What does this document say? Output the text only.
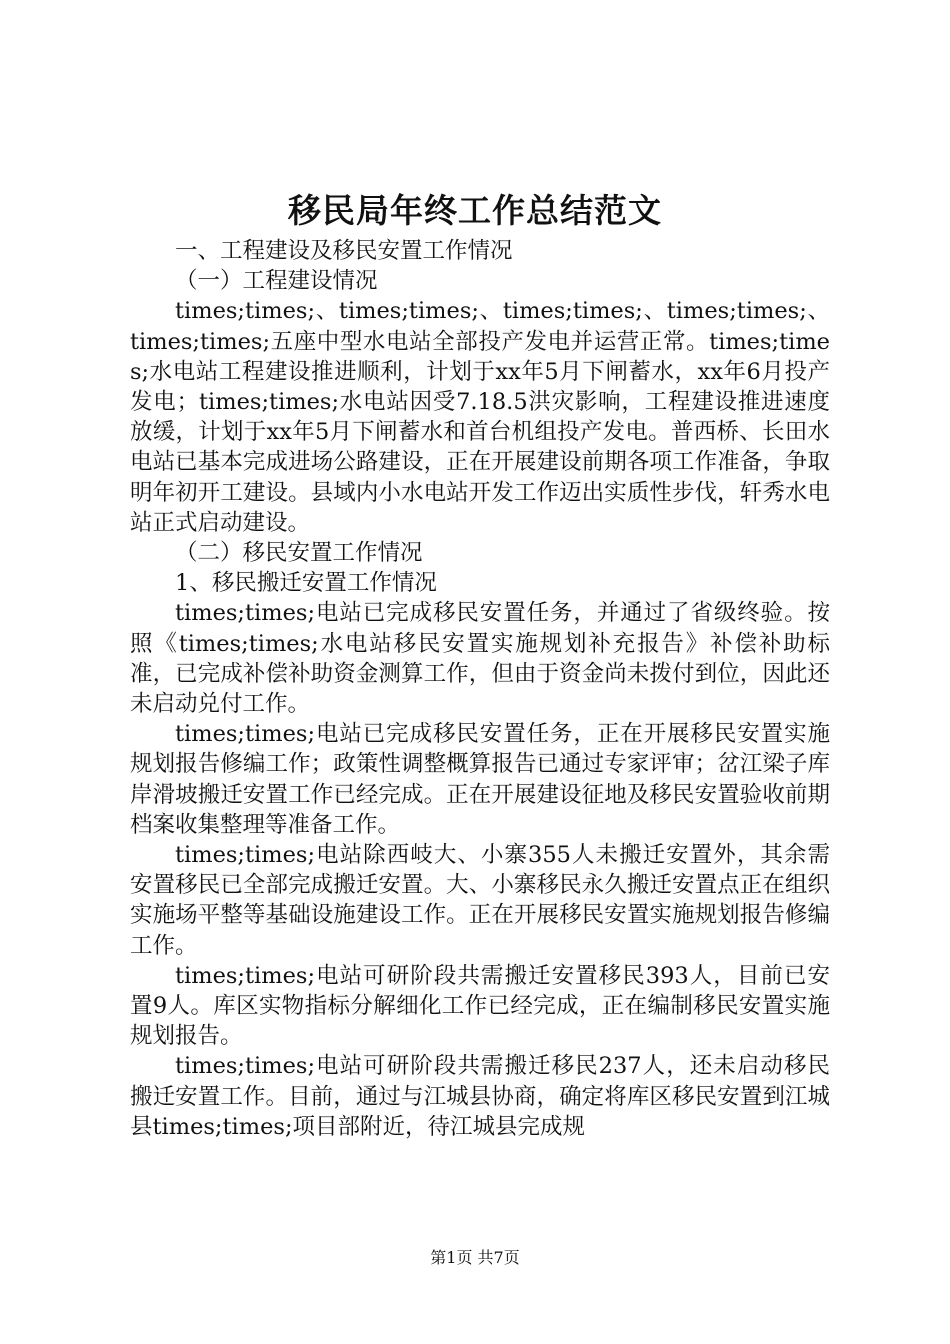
移民局年终工作总结范文

一、工程建设及移民安置工作情况

（一）工程建设情况

times;times;、times;times;、times;times;、times;times;、times;times;五座中型水电站全部投产发电并运营正常。times;times;水电站工程建设推进顺利，计划于xx年5月下闸蓄水，xx年6月投产发电；times;times;水电站因受7.18.5洪灾影响，工程建设推进速度放缓，计划于xx年5月下闸蓄水和首台机组投产发电。普西桥、长田水电站已基本完成进场公路建设，正在开展建设前期各项工作准备，争取明年初开工建设。县域内小水电站开发工作迈出实质性步伐，轩秀水电站正式启动建设。

（二）移民安置工作情况

1、移民搬迁安置工作情况

times;times;电站已完成移民安置任务，并通过了省级终验。按照《times;times;水电站移民安置实施规划补充报告》补偿补助标准，已完成补偿补助资金测算工作，但由于资金尚未拨付到位，因此还未启动兑付工作。

times;times;电站已完成移民安置任务，正在开展移民安置实施规划报告修编工作；政策性调整概算报告已通过专家评审；岔江梁子库岸滑坡搬迁安置工作已经完成。正在开展建设征地及移民安置验收前期档案收集整理等准备工作。

times;times;电站除西岐大、小寨355人未搬迁安置外，其余需安置移民已全部完成搬迁安置。大、小寨移民永久搬迁安置点正在组织实施场平整等基础设施建设工作。正在开展移民安置实施规划报告修编工作。

times;times;电站可研阶段共需搬迁安置移民393人，目前已安置9人。库区实物指标分解细化工作已经完成，正在编制移民安置实施规划报告。

times;times;电站可研阶段共需搬迁移民237人，还未启动移民搬迁安置工作。目前，通过与江城县协商，确定将库区移民安置到江城县times;times;项目部附近，待江城县完成规

第1页 共7页
